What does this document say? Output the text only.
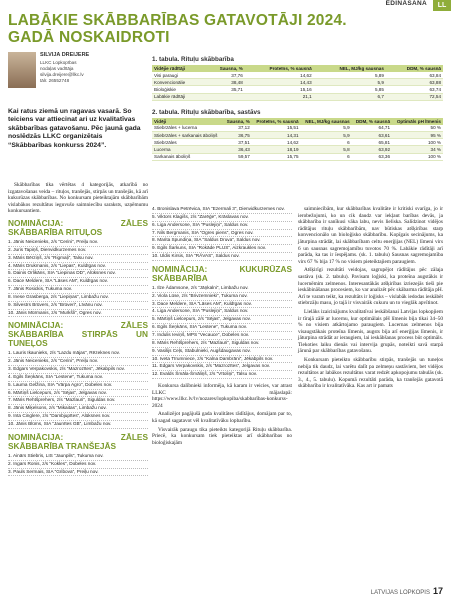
ĒDINĀŠANA	LL
LABĀKIE SKĀBBARĪBAS GATAVOTĀJI 2024. GADĀ NOSKAIDROTI
SILVIJA DREIJERE
LLKC Lopkopības
nodaļas vadītāja
silvija.dreijere@llkc.lv
tālr. 26552748
Kai ratus ziemā un ragavas vasarā. So teiciens var attiecinat ari uz kvalitatīvas skābbarības gatavošanu. Pēc jaunā gada noslēdzās LLKC organizētais “Skābbarības konkurss 2024”.

Skābbarības tika vērtētas 4 kategorijās, atkarībā no izgatavošanas veida – rituļos, tranšejās, stirpās un tranšejās, kā arī kukurūzas skābbarības. No konkursam pieteiktajām skābbarībām vislabākos rezultātus ieguvušo saimniecību saraksts, uzņēmumu konkursantiem.

NOMINĀCIJA: ZĀLES SKĀBBARĪBA RITUĻOS
1. Jānis Neicenieks, z/s “Cerini”, Preiļu nov.
2. Juris Tapiņš, Dienvidkurzemes nov.
3. Māris Bērziņš, z/s “Rigmaļi”, Talsu nov.
4. Māris Drukmanis, z/s “Liepas”, Kuldīgas nov.
5. Dainis Orlikāns, SIA “Liepinas DD”, Alūksnes nov.
6. Dace Meldere, SIA “Lāses AM”, Kuldīgas nov.
7. Jānis Rosickis, Tukuma nov.
8. Inese Grasberga, z/s “Liepiņas”, Limbažu nov.
9. Silvestrs Brūvers, z/s “Brūveri”, Līvānu nov.
10. Jānis Mūrmanis, z/s “Murkšli”, Ogres nov.
NOMINĀCIJA: ZĀLES SKĀBBARĪBA STIRPĀS UN TUNEĻOS
1. Lauris Ikaunieks, z/s “Lazdu mājas”, Rēzeknes nov.
2. Jānis Neicenieks, z/s “Cerini”, Preiļu nov.
3. Edgars Verpakovskis, z/s “Mazrozītes”, Jēkabpils nov.
4. Egils Šeņkāns, SIA “Lestene”, Tukuma nov.
5. Lauma Gelžina, SIA “Vārpa Agro”, Dobeles nov.
6. Mārtiņš Lielcepurs, z/s “Sējas”, Jelgavas nov.
7. Māris Rehtšprehers, z/s “Mazlauri”, Siguldas nov.
8. Jānis Miķelsons, z/s “Mikaitas”, Limbažu nov.
9. Inta Cinglere, z/s “Dambjupītes”, Alūksnes nov.
10. Jānis Blūms, SIA “Jaunītes GB”, Limbažu nov.
NOMINĀCIJA: ZĀLES SKĀBBARĪBA TRANŠEJĀS
1. Ainārs Stiebris, LIS “Jaunpils”, Tukuma nov.
2. Ingars Ronis, z/s “Kokles”, Dobeles nov.
3. Pauls Sermais, SIA “Gribova”, Preiļu nov.
1. tabula. Rituļu skābbarība
Vidējie rādītāji	Sausna, %	Proteīns, % sausnā	NEL, MJ/kg sausnas	DDM, % sausnā
Visi paraugi	37,76	14,62	5,89	63,84
Konvencionālie	38,48	14,43	5,9	63,88
Bioloģiskie	35,71	15,16	5,85	63,74
Labākie rādītāji		21,1	6,7	72,54
2. tabula. Rituļu skābbarība, sastāvs
Vidēji	Sausna, %	Proteīns, % sausnā	NEL, MJ/kg sausnas	DDM, % sausnā	Optimāls pH līmenis
Stiebrzāles + lucerna	37,12	15,51	5,9	64,71	50 %
Stiebrzāles + sarkanais āboliņš	36,75	14,31	5,9	63,61	95 %
Stiebrzāles	37,51	14,62	6	65,81	100 %
Lucerna	36,43	18,19	5,8	63,92	34 %
Sarkanais āboliņš	59,57	15,75	6	63,36	100 %
4. Bronislava Petrēvica, SIA “Ezermali 3”, Dienvidkurzemes nov.
5. Viktors Klagišs, z/s “Zarēģe”, Krāslavas nov.
6. Liga Andersone, SIA “Puslejiņi”, Saldus nov.
7. Nils Bergmanis, SIA “Ogres piens”, Ogres nov.
8. Marita Spundiņa, SIA “Saldus Druva”, Saldus nov.
9. Egils Šarkuns, SIA “Rokāde PLUS”, Aizkraukles nov.
10. Uldis Kirsis, SIA “RĀVAS”, Saldus nov.
NOMINĀCIJA: KUKURŪZAS SKĀBBARĪBA
1. Ilze Ādamsone, z/s “Jāņkalni”, Limbažu nov.
2. Viola Lūse, z/s “Brivzemnieki”, Tukuma nov.
3. Dace Meldere, SIA “Lāses AM”, Kuldīgas nov.
4. Liga Andersone, SIA “Puslejiņi”, Saldus nov.
5. Mārtiņš Lielcepurs, z/s “Sējas”, Jelgavas nov.
6. Egils Šeņkāns, SIA “Lestene”, Tukuma nov.
7. Indulis Ieviņš, MPS “Vecauce”, Dobeles nov.
8. Māris Rehtšprehers, z/s “Mazlauri”, Siguldas nov.
9. Vasilijs Ceļs, Stabulnieki, Augšdaugavas nov.
10. Iveta Tīrumniece, z/s “Kalna Dambrāni”, Jēkabpils nov.
11. Edgars Verpakovskis, z/s “Mazrozītes”, Jelgavas nov.
12. Evalds Šmāla-Šmāliņš, z/s “Vītoliņi”, Talsu nov.

Konkursa dalībnieki informēja, kā karam ir veicies, var atrast LLKC mājaslapā: https://www.llkc.lv/lv/nozares/lopkopiba/skabbarības-konkurss-2024

Analizējot pagājušā gada kvalitātes rādītājus, domājam par to, kā sagad sagatavot vēl kvalitatīvāku lopbarību.

Visvairāk paraugu tika pieteikts kategorijā Rituļu skābbarība. Priecē, ka konkursam tiek pieteiktas arī skābbarības no bioloģiskajām

saimniecībām, kur skābbarības kvalitāte ir kritiski svarīga, jo ir ierobežojumi, ko un cik daudz var iekļaut barības devās, ja skābbarība ir sanīkusi vāka labu, nevis lieliska. Salīdzinot vidējos rādītājus rituļu skābbarībām, nav būtiskas atšķirības starp konvencionālo un bioloģisko skābbarību. Kopīgais secinājums, ka jāturpina strādāt, lai skābbarībam celtu enerģijas (NEL) līmeni virs 6 un sausnas sagremojamību tuvotos 70 %. Labākie rādītāji arī parāda, ka tas ir īespējams. (sk. 1. tabulu) Sausnas sagremojamība virs 67 % bija 17 % no visiem pieteiktajiem paraugiem.

Atšķirīgi rezultāti veidojas, sagrupējot rādītājus pēc zālaja sastāva (sk. 2. tabulu). Pavisam loģiski, ka proteīna augstākis ir lucernēmim zelmenos. Interesantākās atšķirības izriezejās tieši pie ieskābināšanas procesiem, ko var analizēt pēc skābarma rādītāja pH. Arī te varam teikt, ka rezultāts ir loģisks – vislabāk iedodas ieskābēt stiebrzāļu masu, jo tajā ir visvairāk cukuru un to vieglāk apvītinot.

Lielāks izaicinājums kvalitatīvai ieskābšanai Latvijas lopkopjiem ir tīrajā zālē ar lucernu, kur optimālais pH līmenis bija tikai 34–50 % no visiem atkārtojamo paraugiem. Lucernas zelmenos bija visaugstākais proteīna līmenis, augsts bija arī enerģijas līmenis, ir jāturpina strādāt ar ieraugiem, lai ieskābšanas process būt optimāls. Tiekoties laiku dienās vai intervija grupās, noteikti savā starpā jārunā par skābbarības gatavošanu.

Konkursam pieteikto skābbarību stirpās, tranšejās un tuneļos nebija tik daudz, lai varētu dalīt pa zelmeņu sastāviem, bet vidējos rezultātos ar labākos rezultātus varat redzēt apkopojumu tabulās (sk. 3., 4., 5. tabulu). Kopumā rezultāti parāda, ka tranšejās gatavotā skābbarība ir kvalitatīvāka. Kas art ir pamats

LATVIJAS LOPKOPIS 17
